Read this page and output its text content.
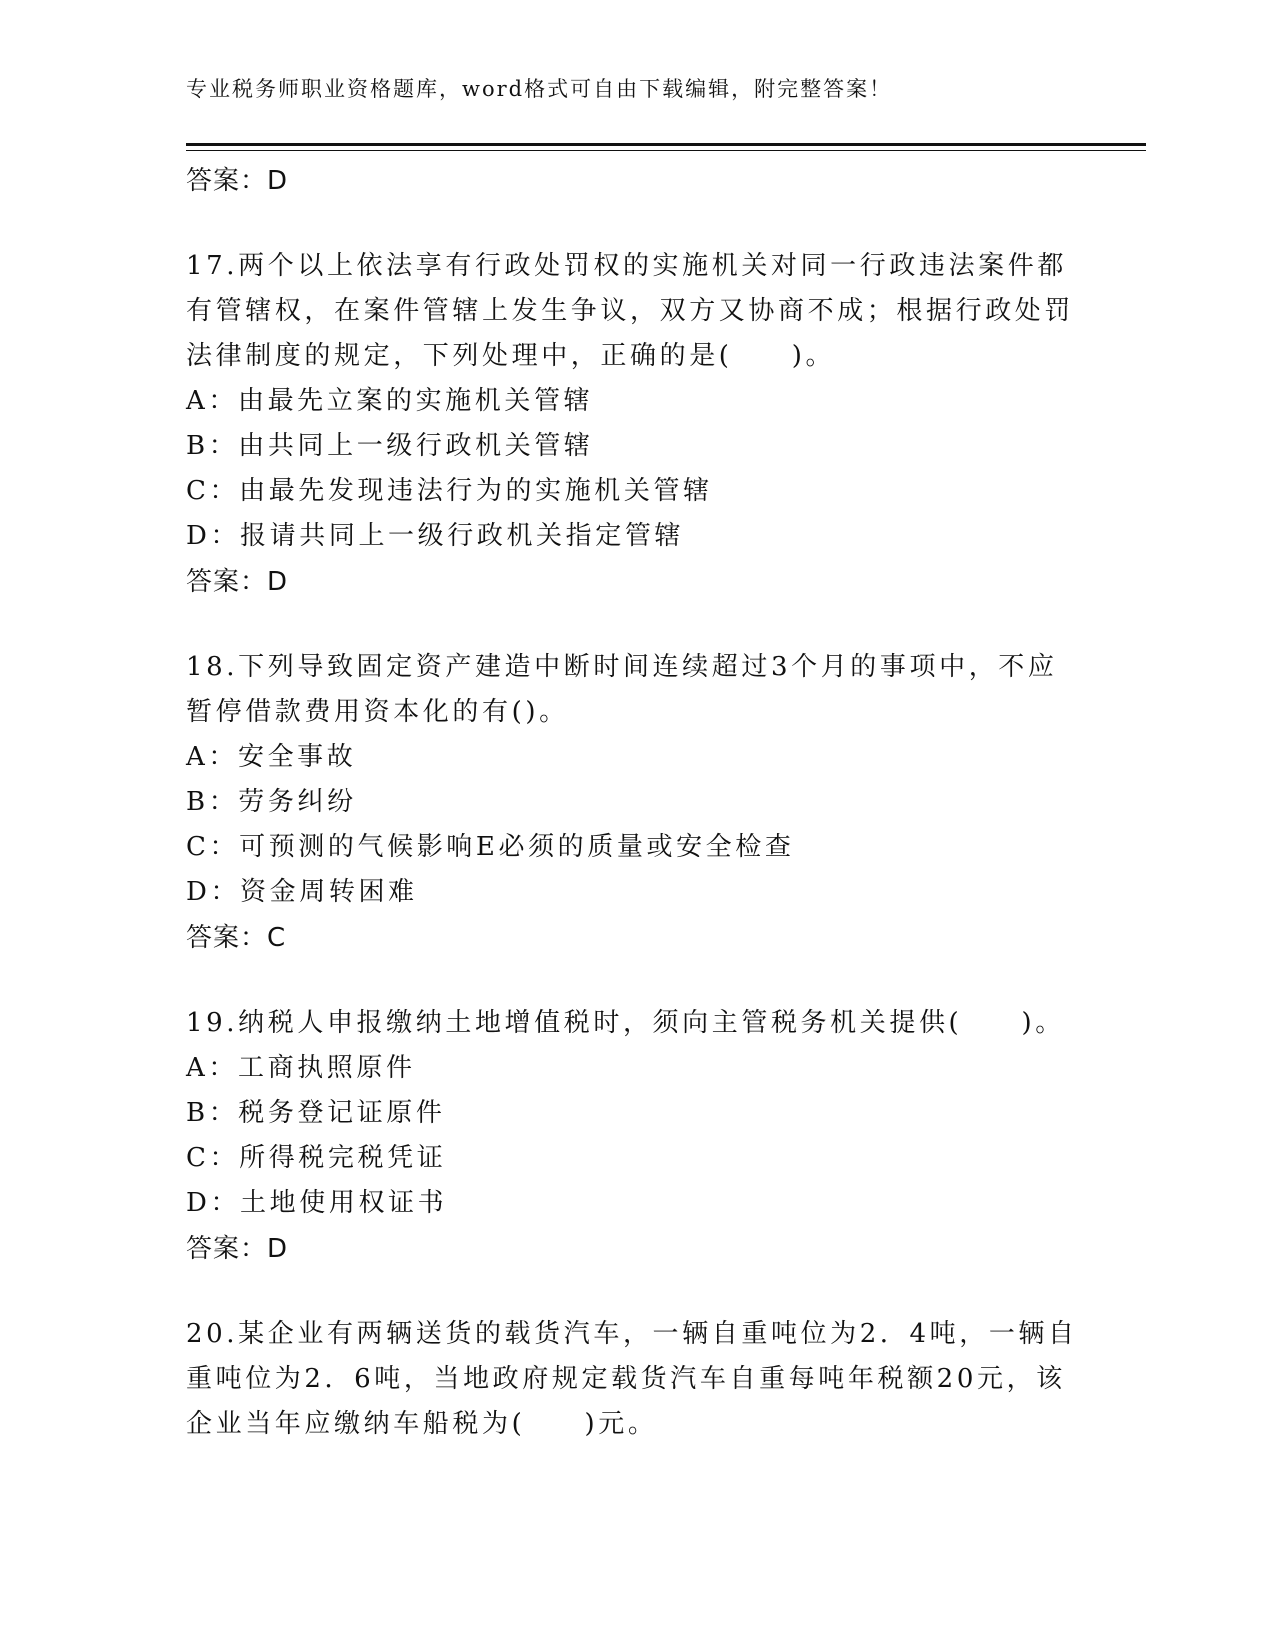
专业税务师职业资格题库，word格式可自由下载编辑，附完整答案！
答案：D

17.两个以上依法享有行政处罚权的实施机关对同一行政违法案件都有管辖权，在案件管辖上发生争议，双方又协商不成；根据行政处罚法律制度的规定，下列处理中，正确的是(　　)。

A：由最先立案的实施机关管辖
B：由共同上一级行政机关管辖
C：由最先发现违法行为的实施机关管辖
D：报请共同上一级行政机关指定管辖
答案：D

18.下列导致固定资产建造中断时间连续超过3个月的事项中，不应暂停借款费用资本化的有()。

A：安全事故
B：劳务纠纷
C：可预测的气候影响E必须的质量或安全检查
D：资金周转困难
答案：C

19.纳税人申报缴纳土地增值税时，须向主管税务机关提供(　　)。

A：工商执照原件
B：税务登记证原件
C：所得税完税凭证
D：土地使用权证书
答案：D

20.某企业有两辆送货的载货汽车，一辆自重吨位为2．4吨，一辆自重吨位为2．6吨，当地政府规定载货汽车自重每吨年税额20元，该企业当年应缴纳车船税为(　　)元。
